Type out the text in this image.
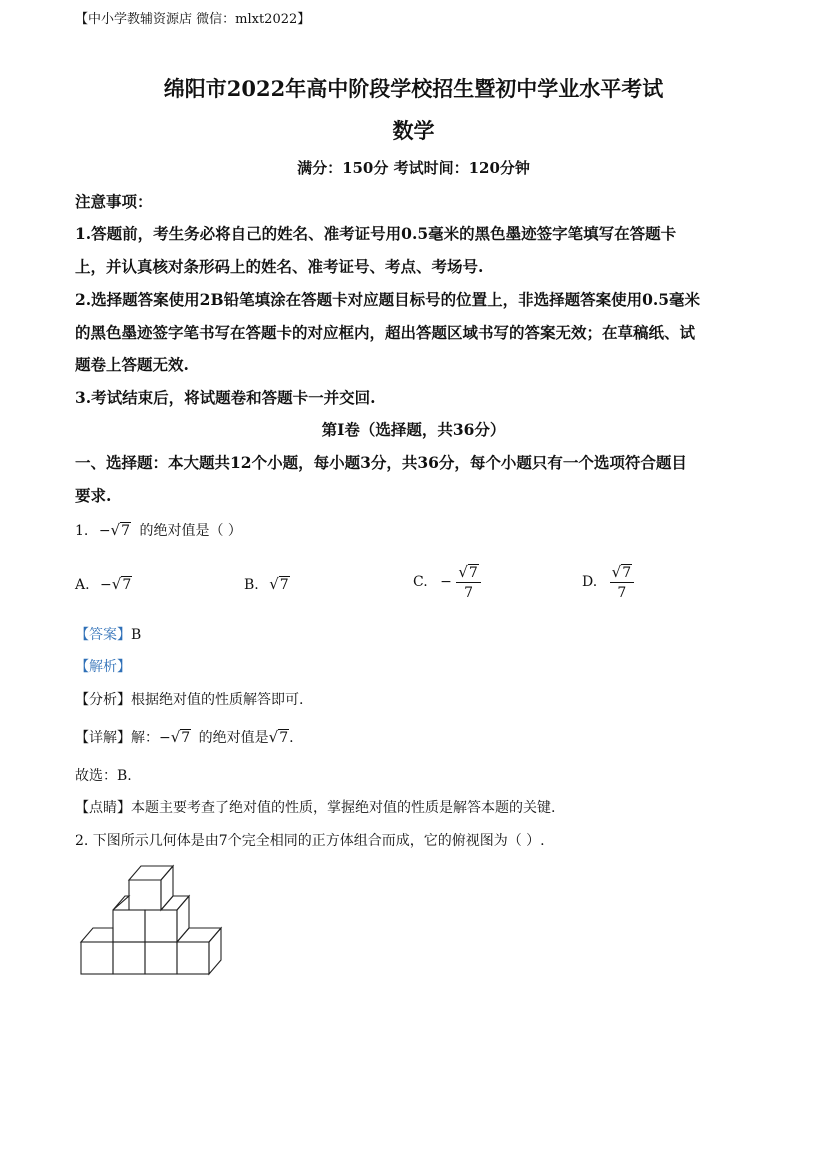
【中小学教辅资源店 微信：mlxt2022】
绵阳市2022年高中阶段学校招生暨初中学业水平考试
数学
满分：150分 考试时间：120分钟
注意事项：
1.答题前，考生务必将自己的姓名、准考证号用0.5毫米的黑色墨迹签字笔填写在答题卡
上，并认真核对条形码上的姓名、准考证号、考点、考场号.
2.选择题答案使用2B铅笔填涂在答题卡对应题目标号的位置上，非选择题答案使用0.5毫米
的黑色墨迹签字笔书写在答题卡的对应框内，超出答题区域书写的答案无效；在草稿纸、试
题卷上答题无效.
3.考试结束后，将试题卷和答题卡一并交回.
第Ⅰ卷（选择题，共36分）
一、选择题：本大题共12个小题，每小题3分，共36分，每个小题只有一个选项符合题目
要求.
1. −√7 的绝对值是（ ）
A. −√7	B. √7	C. − $\frac{√7}{7}$	D. $\frac{√7}{7}$
【答案】B
【解析】
【分析】根据绝对值的性质解答即可.
【详解】解：−√7 的绝对值是√7.
故选：B.
【点睛】本题主要考查了绝对值的性质，掌握绝对值的性质是解答本题的关键.
2. 下图所示几何体是由7个完全相同的正方体组合而成，它的俯视图为（ ）.
